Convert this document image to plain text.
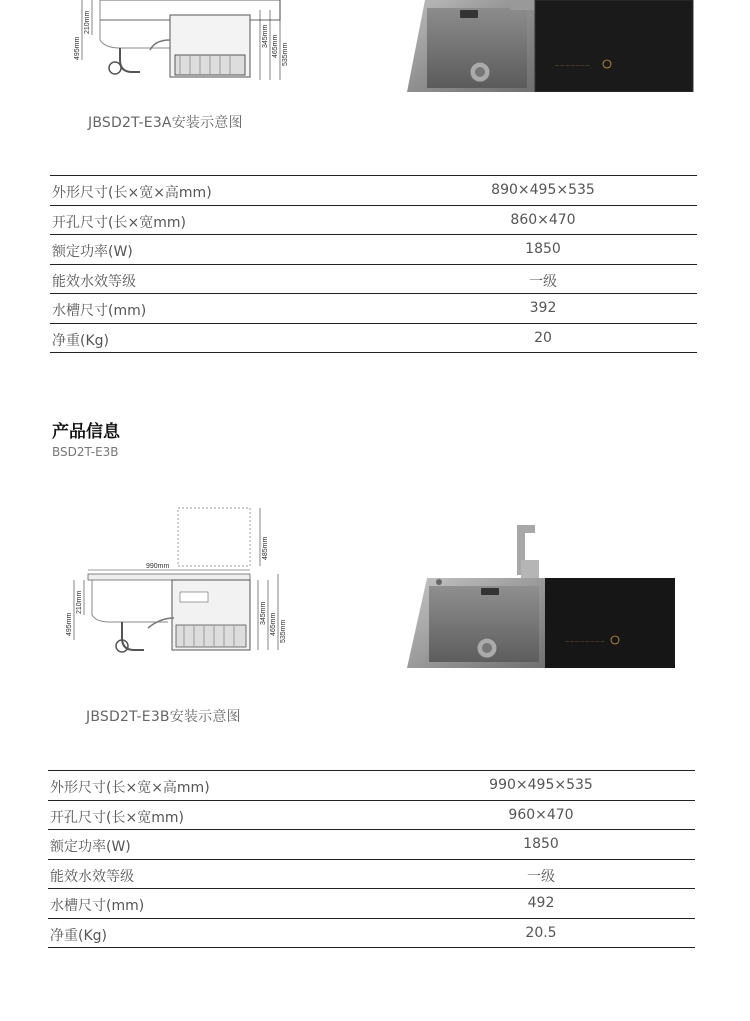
495mm
210mm
345mm 465mm 535mm	— — — — — — —
JBSD2T-E3A安装示意图
外形尺寸(长×宽×高mm)	890×495×535
开孔尺寸(长×宽mm)	860×470
额定功率(W)	1850
能效水效等级	一级
水槽尺寸(mm)	392
净重(Kg)	20
产品信息
BSD2T-E3B
485mm
990mm
495mm
210mm	345mm 465mm 535mm	— — — — — — — —
JBSD2T-E3B安装示意图
外形尺寸(长×宽×高mm)	990×495×535
开孔尺寸(长×宽mm)	960×470
额定功率(W)	1850
能效水效等级	一级
水槽尺寸(mm)	492
净重(Kg)	20.5
